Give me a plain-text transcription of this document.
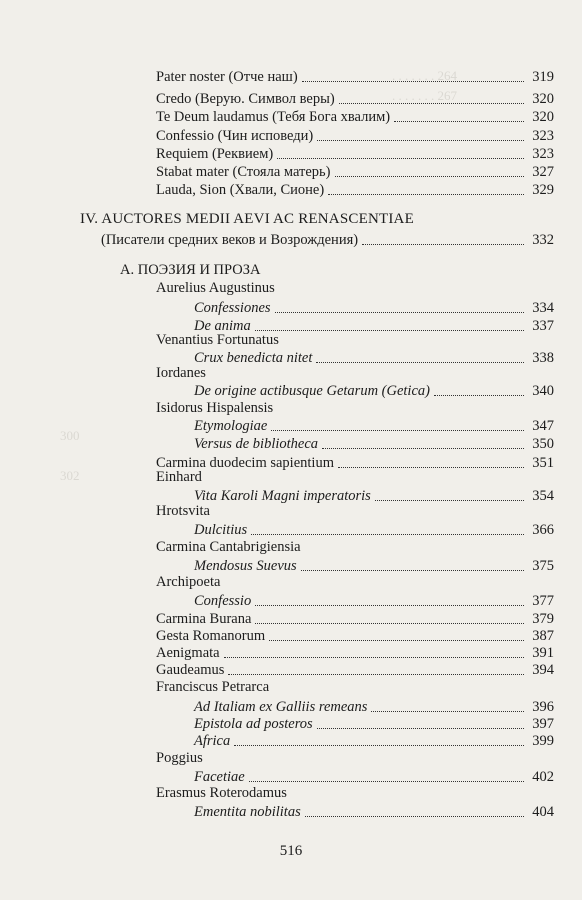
. . . . . . . 264
. . . . . . . 267
300
302
Pater noster (Отче наш)	319
Credo (Верую. Символ веры)	320
Te Deum laudamus (Тебя Бога хвалим)	320
Confessio (Чин исповеди)	323
Requiem (Реквием)	323
Stabat mater (Стояла матерь)	327
Lauda, Sion (Хвали, Сионе)	329
IV. AUCTORES MEDII AEVI AC RENASCENTIAE
(Писатели средних веков и Возрождения)	332
А. ПОЭЗИЯ И ПРОЗА
Aurelius Augustinus
Confessiones	334
De anima	337
Venantius Fortunatus
Crux benedicta nitet	338
Iordanes
De origine actibusque Getarum (Getica)	340
Isidorus Hispalensis
Etymologiae	347
Versus de bibliotheca	350
Carmina duodecim sapientium	351
Einhard
Vita Karoli Magni imperatoris	354
Hrotsvita
Dulcitius	366
Carmina Cantabrigiensia
Mendosus Suevus	375
Archipoeta
Confessio	377
Carmina Burana	379
Gesta Romanorum	387
Aenigmata	391
Gaudeamus	394
Franciscus Petrarca
Ad Italiam ex Galliis remeans	396
Epistola ad posteros	397
Africa	399
Poggius
Facetiae	402
Erasmus Roterodamus
Ementita nobilitas	404
516
